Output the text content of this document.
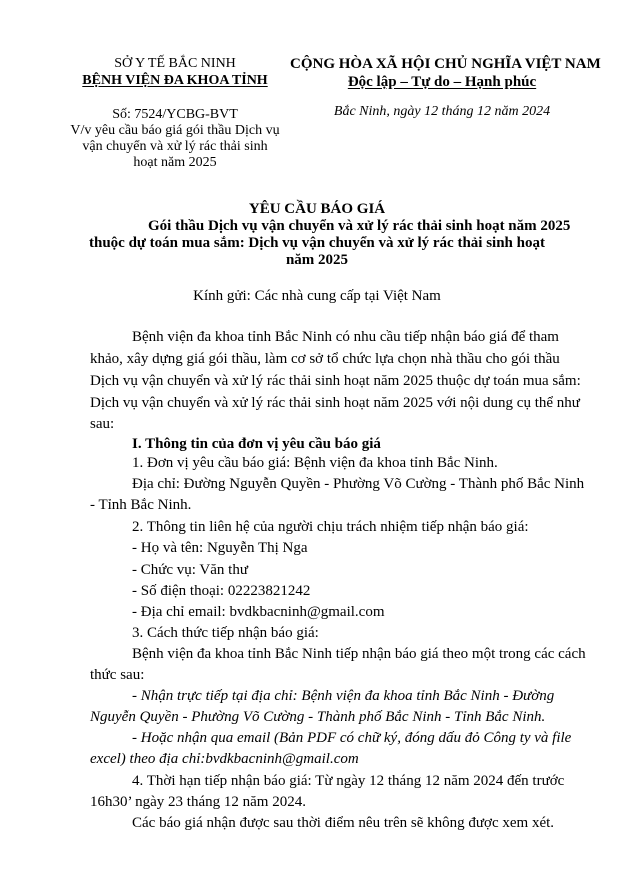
SỞ Y TẾ BẮC NINH
BỆNH VIỆN ĐA KHOA TỈNH
Số: 7524/YCBG-BVT
V/v yêu cầu báo giá gói thầu Dịch vụ
vận chuyển và xử lý rác thải sinh
hoạt năm 2025
CỘNG HÒA XÃ HỘI CHỦ NGHĨA VIỆT NAM
Độc lập – Tự do – Hạnh phúc
Bắc Ninh, ngày 12 tháng 12 năm 2024
YÊU CẦU BÁO GIÁ
Gói thầu Dịch vụ vận chuyển và xử lý rác thải sinh hoạt năm 2025
thuộc dự toán mua sắm: Dịch vụ vận chuyển và xử lý rác thải sinh hoạt
năm 2025
Kính gửi: Các nhà cung cấp tại Việt Nam
Bệnh viện đa khoa tỉnh Bắc Ninh có nhu cầu tiếp nhận báo giá để tham
khảo, xây dựng giá gói thầu, làm cơ sở tổ chức lựa chọn nhà thầu cho gói thầu
Dịch vụ vận chuyển và xử lý rác thải sinh hoạt năm 2025 thuộc dự toán mua sắm:
Dịch vụ vận chuyển và xử lý rác thải sinh hoạt năm 2025 với nội dung cụ thể như
sau:
I. Thông tin của đơn vị yêu cầu báo giá
1. Đơn vị yêu cầu báo giá: Bệnh viện đa khoa tỉnh Bắc Ninh.
Địa chỉ: Đường Nguyễn Quyền - Phường Võ Cường - Thành phố Bắc Ninh
- Tỉnh Bắc Ninh.
2. Thông tin liên hệ của người chịu trách nhiệm tiếp nhận báo giá:
- Họ và tên: Nguyễn Thị Nga
- Chức vụ: Văn thư
- Số điện thoại: 02223821242
- Địa chỉ email: bvdkbacninh@gmail.com
3. Cách thức tiếp nhận báo giá:
Bệnh viện đa khoa tỉnh Bắc Ninh tiếp nhận báo giá theo một trong các cách
thức sau:
- Nhận trực tiếp tại địa chỉ: Bệnh viện đa khoa tỉnh Bắc Ninh - Đường
Nguyễn Quyền - Phường Võ Cường - Thành phố Bắc Ninh - Tỉnh Bắc Ninh.
- Hoặc nhận qua email (Bản PDF có chữ ký, đóng dấu đỏ Công ty và file
excel) theo địa chỉ:bvdkbacninh@gmail.com
4. Thời hạn tiếp nhận báo giá: Từ ngày 12 tháng 12 năm 2024 đến trước
16h30’ ngày 23 tháng 12 năm 2024.
Các báo giá nhận được sau thời điểm nêu trên sẽ không được xem xét.
